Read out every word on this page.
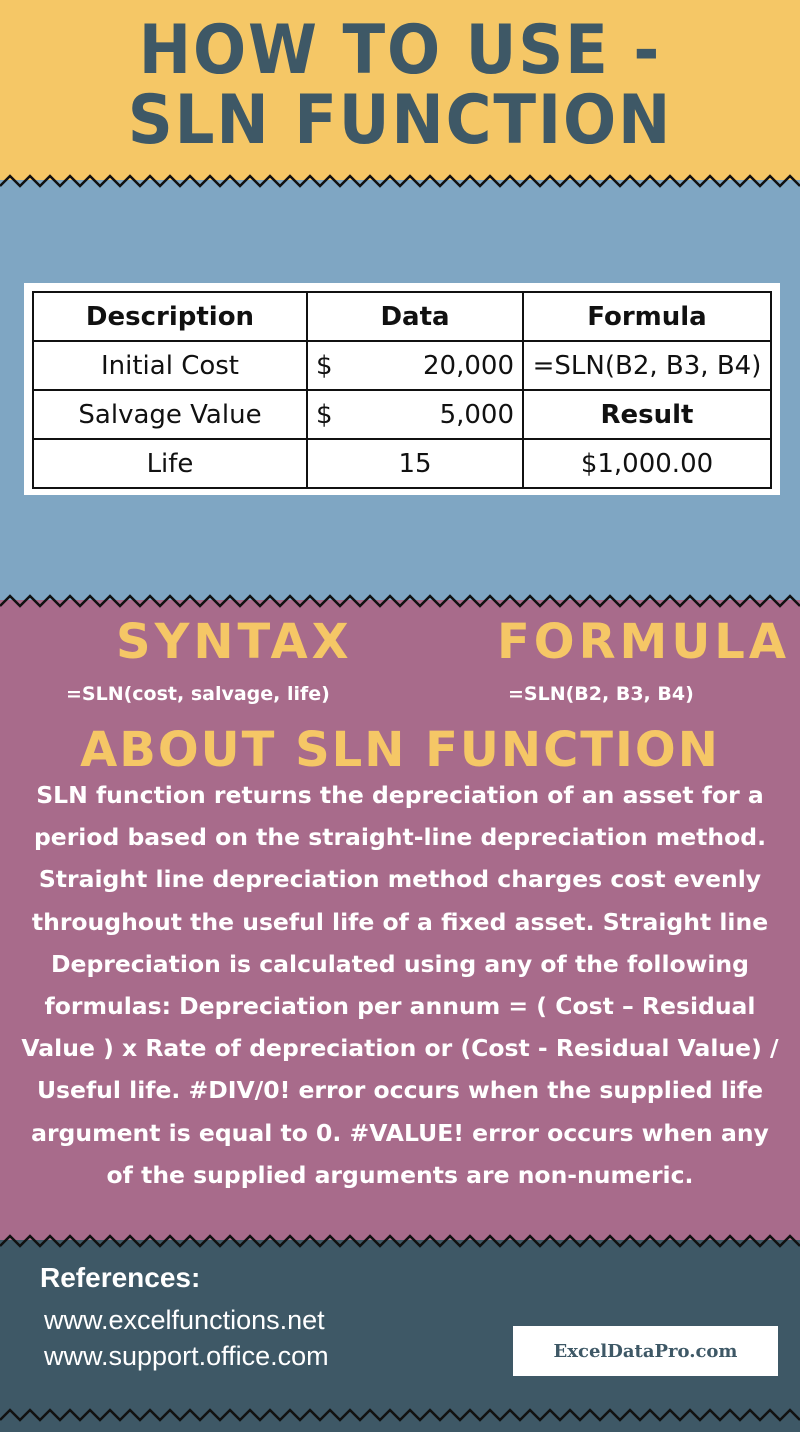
HOW TO USE -
SLN FUNCTION
Description	Data	Formula
Initial Cost	$ 20,000	=SLN(B2, B3, B4)
Salvage Value	$ 5,000	Result
Life	15	$1,000.00
SYNTAX
=SLN(cost, salvage, life)
FORMULA
=SLN(B2, B3, B4)
ABOUT SLN FUNCTION
SLN function returns the depreciation of an asset for a period based on the straight-line depreciation method. Straight line depreciation method charges cost evenly throughout the useful life of a fixed asset. Straight line Depreciation is calculated using any of the following formulas: Depreciation per annum = ( Cost – Residual Value ) x Rate of depreciation or (Cost - Residual Value) / Useful life. #DIV/0! error occurs when the supplied life argument is equal to 0. #VALUE! error occurs when any of the supplied arguments are non-numeric.
References:
www.excelfunctions.net
www.support.office.com	ExcelDataPro.com
